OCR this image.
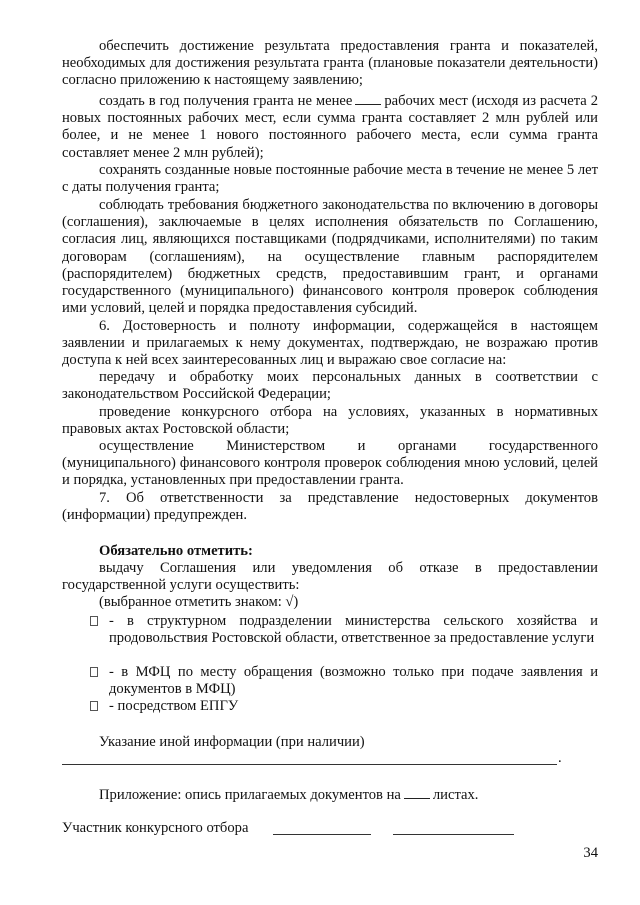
обеспечить достижение результата предоставления гранта и показателей, необходимых для достижения результата гранта (плановые показатели деятельности) согласно приложению к настоящему заявлению;
создать в год получения гранта не менее рабочих мест (исходя из расчета 2 новых постоянных рабочих мест, если сумма гранта составляет 2 млн рублей или более, и не менее 1 нового постоянного рабочего места, если сумма гранта составляет менее 2 млн рублей);
сохранять созданные новые постоянные рабочие места в течение не менее 5 лет с даты получения гранта;
соблюдать требования бюджетного законодательства по включению в договоры (соглашения), заключаемые в целях исполнения обязательств по Соглашению, согласия лиц, являющихся поставщиками (подрядчиками, исполнителями) по таким договорам (соглашениям), на осуществление главным распорядителем (распорядителем) бюджетных средств, предоставившим грант, и органами государственного (муниципального) финансового контроля проверок соблюдения ими условий, целей и порядка предоставления субсидий.
6. Достоверность и полноту информации, содержащейся в настоящем заявлении и прилагаемых к нему документах, подтверждаю, не возражаю против доступа к ней всех заинтересованных лиц и выражаю свое согласие на:
передачу и обработку моих персональных данных в соответствии с законодательством Российской Федерации;
проведение конкурсного отбора на условиях, указанных в нормативных правовых актах Ростовской области;
осуществление Министерством и органами государственного (муниципального) финансового контроля проверок соблюдения мною условий, целей и порядка, установленных при предоставлении гранта.
7. Об ответственности за представление недостоверных документов (информации) предупрежден.
Обязательно отметить:
выдачу Соглашения или уведомления об отказе в предоставлении государственной услуги осуществить:
(выбранное отметить знаком: √)
- в структурном подразделении министерства сельского хозяйства и продовольствия Ростовской области, ответственное за предоставление услуги
- в МФЦ по месту обращения (возможно только при подаче заявления и документов в МФЦ)
- посредством ЕПГУ
Указание иной информации (при наличии)
.
Приложение: опись прилагаемых документов на листах.
Участник конкурсного отбора
34
